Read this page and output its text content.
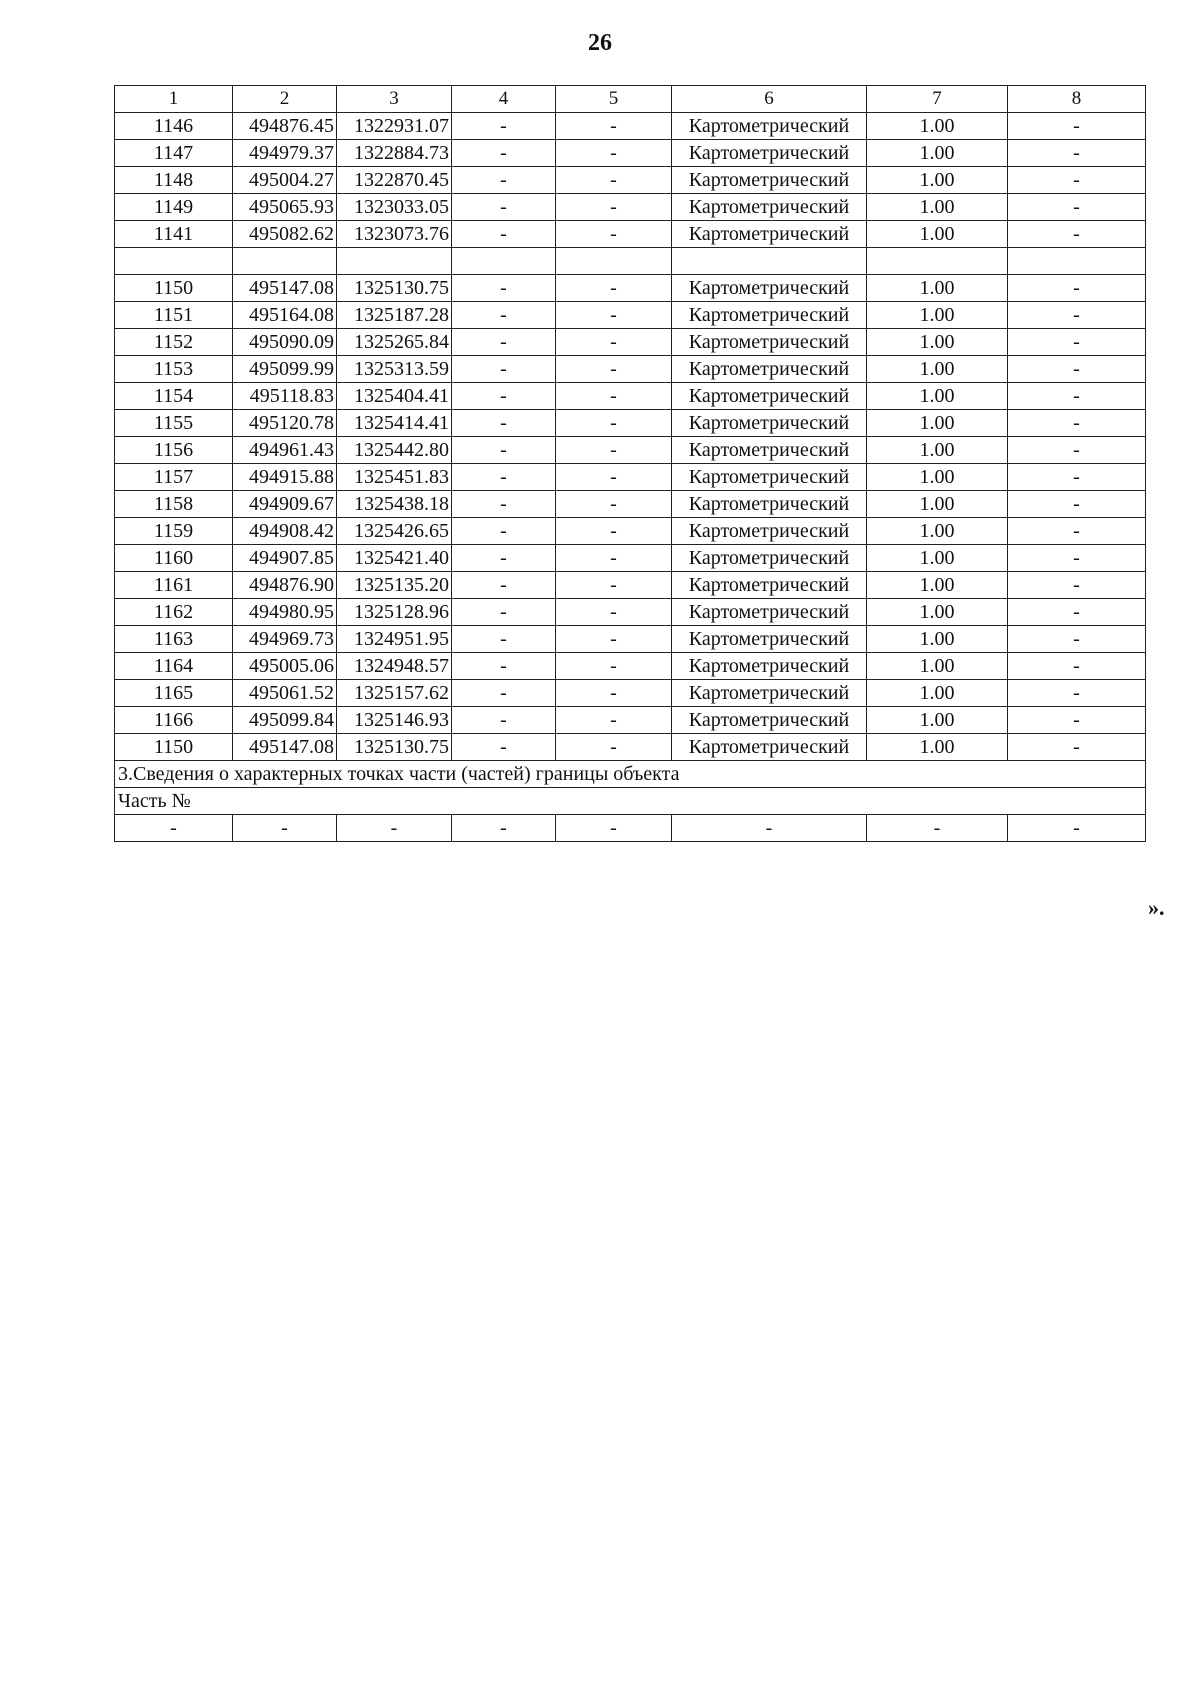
26
1	2	3	4	5	6	7	8
1146	494876.45	1322931.07	-	-	Картометрический	1.00	-
1147	494979.37	1322884.73	-	-	Картометрический	1.00	-
1148	495004.27	1322870.45	-	-	Картометрический	1.00	-
1149	495065.93	1323033.05	-	-	Картометрический	1.00	-
1141	495082.62	1323073.76	-	-	Картометрический	1.00	-

1150	495147.08	1325130.75	-	-	Картометрический	1.00	-
1151	495164.08	1325187.28	-	-	Картометрический	1.00	-
1152	495090.09	1325265.84	-	-	Картометрический	1.00	-
1153	495099.99	1325313.59	-	-	Картометрический	1.00	-
1154	495118.83	1325404.41	-	-	Картометрический	1.00	-
1155	495120.78	1325414.41	-	-	Картометрический	1.00	-
1156	494961.43	1325442.80	-	-	Картометрический	1.00	-
1157	494915.88	1325451.83	-	-	Картометрический	1.00	-
1158	494909.67	1325438.18	-	-	Картометрический	1.00	-
1159	494908.42	1325426.65	-	-	Картометрический	1.00	-
1160	494907.85	1325421.40	-	-	Картометрический	1.00	-
1161	494876.90	1325135.20	-	-	Картометрический	1.00	-
1162	494980.95	1325128.96	-	-	Картометрический	1.00	-
1163	494969.73	1324951.95	-	-	Картометрический	1.00	-
1164	495005.06	1324948.57	-	-	Картометрический	1.00	-
1165	495061.52	1325157.62	-	-	Картометрический	1.00	-
1166	495099.84	1325146.93	-	-	Картометрический	1.00	-
1150	495147.08	1325130.75	-	-	Картометрический	1.00	-
3.Сведения о характерных точках части (частей) границы объекта							
Часть №							
-	-	-	-	-	-	-	-
».
